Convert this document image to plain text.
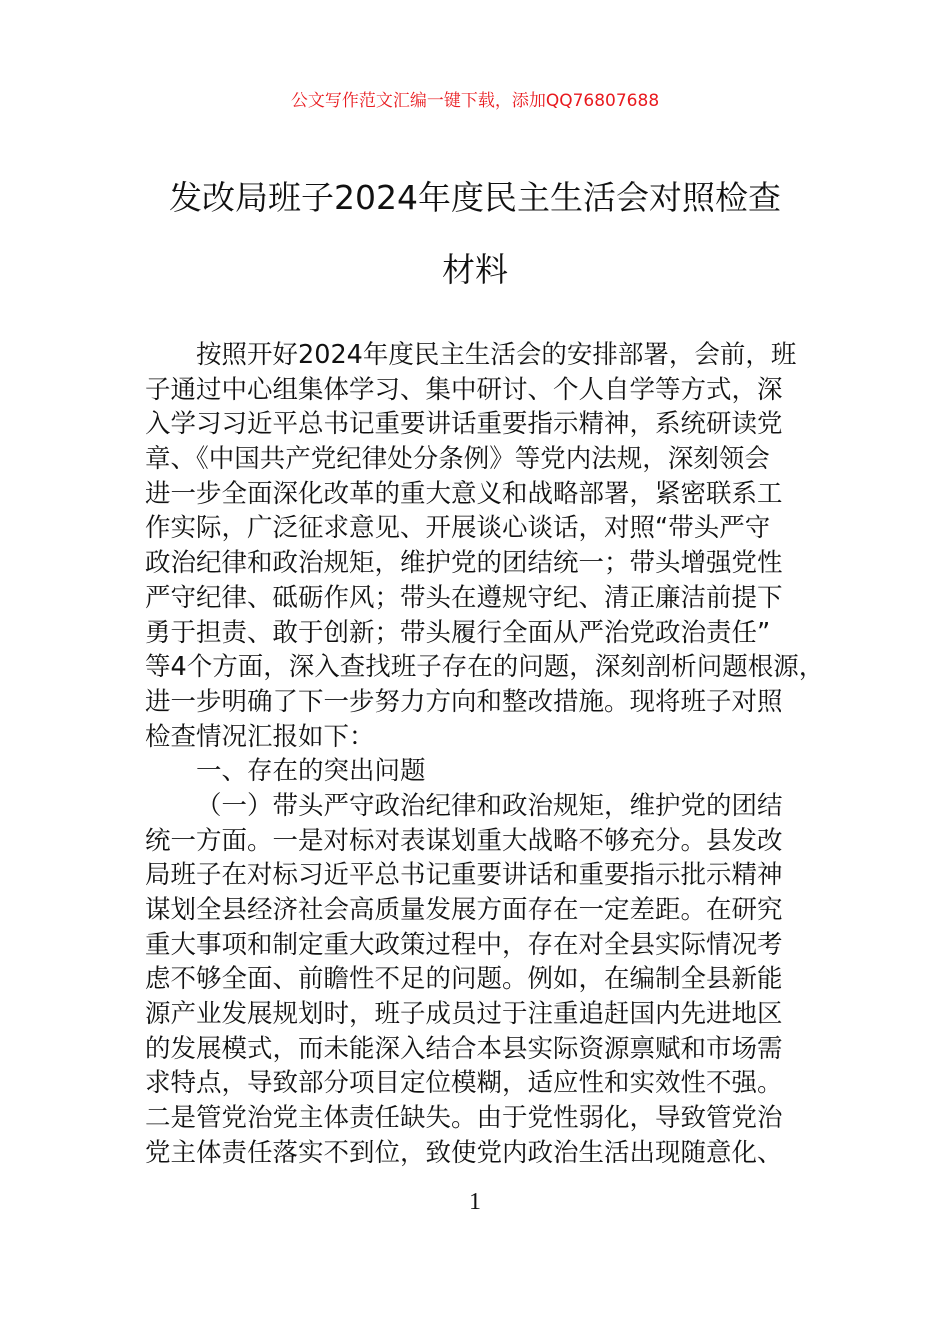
公文写作范文汇编一键下载，添加QQ76807688
发改局班子2024年度民主生活会对照检查
材料
按照开好2024年度民主生活会的安排部署，会前，班
子通过中心组集体学习、集中研讨、个人自学等方式，深
入学习习近平总书记重要讲话重要指示精神，系统研读党
章、《中国共产党纪律处分条例》等党内法规，深刻领会
进一步全面深化改革的重大意义和战略部署，紧密联系工
作实际，广泛征求意见、开展谈心谈话，对照“带头严守
政治纪律和政治规矩，维护党的团结统一；带头增强党性
严守纪律、砥砺作风；带头在遵规守纪、清正廉洁前提下
勇于担责、敢于创新；带头履行全面从严治党政治责任”
等4个方面，深入查找班子存在的问题，深刻剖析问题根源，
进一步明确了下一步努力方向和整改措施。现将班子对照
检查情况汇报如下：
一、存在的突出问题
（一）带头严守政治纪律和政治规矩，维护党的团结
统一方面。一是对标对表谋划重大战略不够充分。县发改
局班子在对标习近平总书记重要讲话和重要指示批示精神
谋划全县经济社会高质量发展方面存在一定差距。在研究
重大事项和制定重大政策过程中，存在对全县实际情况考
虑不够全面、前瞻性不足的问题。例如，在编制全县新能
源产业发展规划时，班子成员过于注重追赶国内先进地区
的发展模式，而未能深入结合本县实际资源禀赋和市场需
求特点，导致部分项目定位模糊，适应性和实效性不强。
二是管党治党主体责任缺失。由于党性弱化，导致管党治
党主体责任落实不到位，致使党内政治生活出现随意化、
1
